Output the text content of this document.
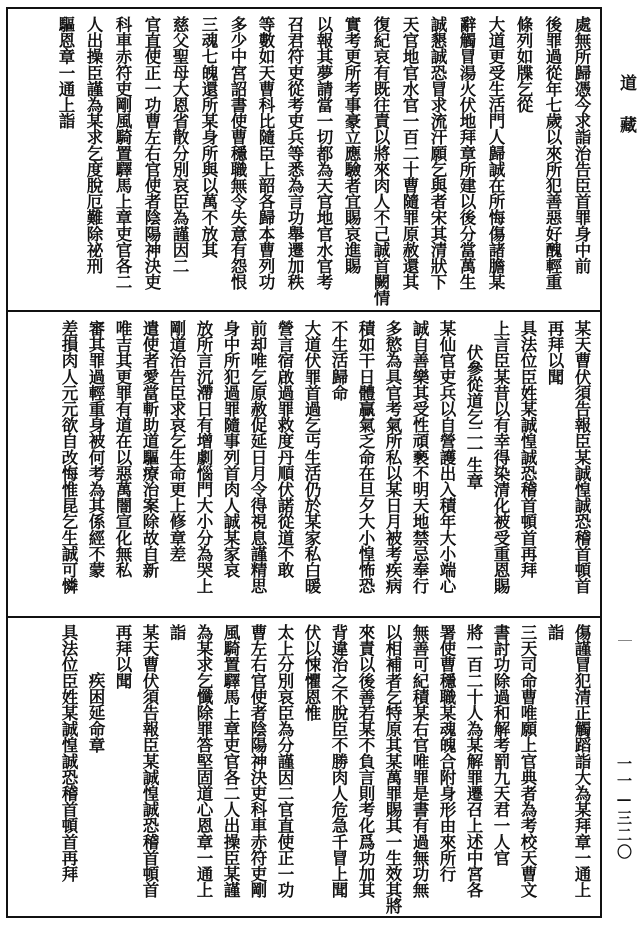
道
藏
一一—三二〇
處無所歸憑今求詣治告臣首罪身中前
後罪過從年七歲以來所犯善惡好醜輕重
條列如牒乞從
大道更受生活門人歸誠在所悔傷諸膽某
辭觸冒湯火伏地拜章所建以後分當萬生
誠懇誠恐冒求流汗願乞與者宋其清狀下
天官地官水官一百二十曹隨罪原赦還其
復紀哀有既往責以將來肉人不己誠首闕情
實考更所考事豪立應驗者宜賜哀進賜
以報其夢請當一切都為天官地官水官考
召君符吏從考吏兵等悉為言功舉遷加秩
等數如天曹科比隨臣上韶各歸本曹列功
多少中宮詔書使曹穩職無令失意有怨恨
三魂七魄還所某身所與以萬不放其
慈父聖母大恩省散分別哀臣為謹因二
官直使正一功曹左右官使者陰陽神決吏
科車赤符吏剛風騎置驛馬上章吏官各二
人出操臣謹為某求乞度脫厄難除祕刑
驅恩章一通上詣
某天曹伏須告報臣某誠惶誠恐稽首頓首
再拜以聞
具法位臣姓某誠惶誠恐稽首頓首再拜
上言臣某昔以有幸得染清化被受重恩賜
伏參從道乞二一生章
某仙官吏兵以自營護出入積年大小端心
誠自善樂其受性頑褻不明天地禁忌奉行
多慾為具官考氣所私以某日月被考疾病
積如干日體贏氣乏命在旦夕大小惶怖恐
不生活歸命
大道伏罪首過乞丐生活仍於某家私白暖
營言宿啟過罪救度丹順伏諾從道不敢
前却唯乞原赦促延日月令得視息謹精思
身中所犯過罪隨事列首肉人誠某家哀
放所言沉滯日有增劇惱門大小分為哭上
剛道治告臣求哀乞生命更上修章差
遣使者愛當斬助道驅療治案除故自新
唯吉其更罪有道在以惡萬闇宣化無私
審其罪過輕重身被何考為其係經不蒙
差損肉人元元欲自改悔惟昆乞生誠可憐
傷謹冒犯清正觸蹈詣大為某拜章一通上
詣
三天司命曹唯願上官典者為考校天曹文
書討功除過和解考罰九天君一人官
將一百二十人為某解罪遷召上述中宮各
署使曹穩職某魂魄合附身形由來所行
無善可紀積某右官唯罪是書有過無功無
以相補者乞特原其某萬罪賜其一生效其將
來責以後善若某不負言則考化爲功加其
背違治之不脫臣不勝肉人危急千冒上聞
伏以悚懼恩惟
太上分別哀臣為分謹因二官直使正一功
曹左右官使者陰陽神決吏科車赤符吏剛
風騎置驛馬上章吏官各二人出操臣某謹
為某求乞懺除罪答堅固道心恩章一通上
詣
某天曹伏須告報臣某誠惶誠恐稽首頓首
再拜以聞
疾困延命章
具法位臣姓某誠惶誠恐稽首頓首再拜
